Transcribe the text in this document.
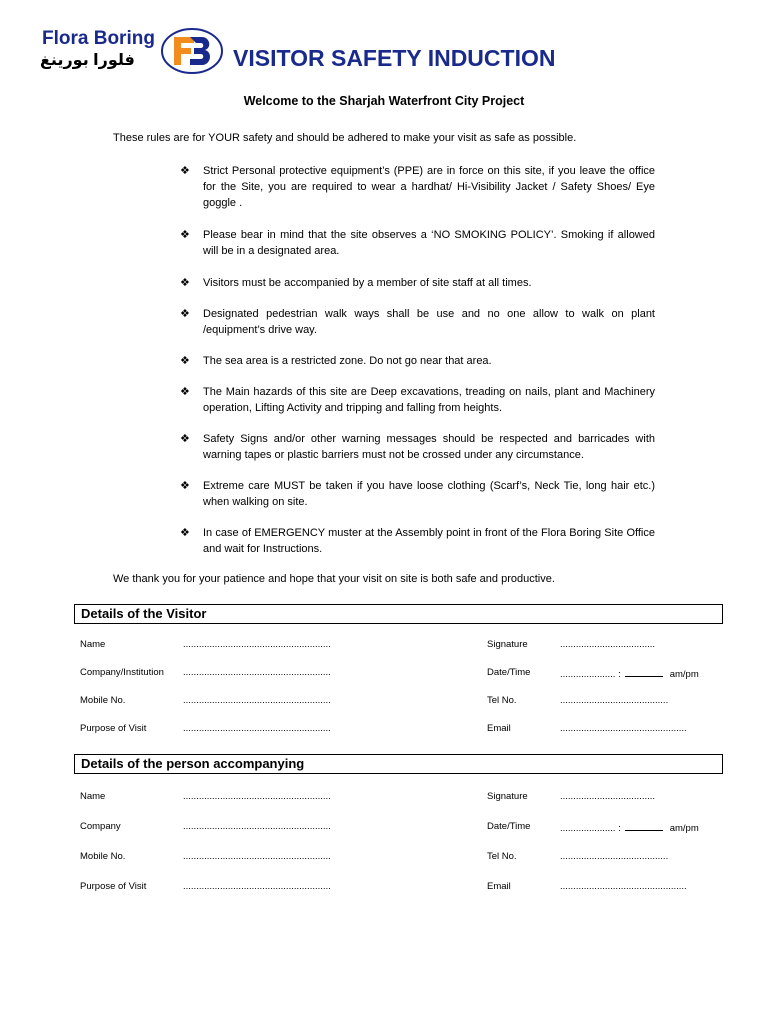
Flora Boring
فلورا بورينغ	VISITOR SAFETY INDUCTION
Welcome to the Sharjah Waterfront City Project
These rules are for YOUR safety and should be adhered to make your visit as safe as possible.
❖	Strict Personal protective equipment’s (PPE) are in force on this site, if you leave the office for the Site, you are required to wear a hardhat/ Hi-Visibility Jacket / Safety Shoes/ Eye goggle .
❖	Please bear in mind that the site observes a ‘NO SMOKING POLICY’. Smoking if allowed will be in a designated area.
❖	Visitors must be accompanied by a member of site staff at all times.
❖	Designated pedestrian walk ways shall be use and no one allow to walk on plant /equipment’s drive way.
❖	The sea area is a restricted zone. Do not go near that area.
❖	The Main hazards of this site are Deep excavations, treading on nails, plant and Machinery operation, Lifting Activity and tripping and falling from heights.
❖	Safety Signs and/or other warning messages should be respected and barricades with warning tapes or plastic barriers must not be crossed under any circumstance.
❖	Extreme care MUST be taken if you have loose clothing (Scarf’s, Neck Tie, long hair etc.) when walking on site.
❖	In case of EMERGENCY muster at the Assembly point in front of the Flora Boring Site Office and wait for Instructions.
We thank you for your patience and hope that your visit on site is both safe and productive.
Details of the Visitor
Name	........................................................
Company/Institution ........................................................
Mobile No.	........................................................
Purpose of Visit	........................................................
Signature	....................................
Date/Time	..................... :	am/pm
Tel No.	.........................................
Email	................................................
Details of the person accompanying
Name	........................................................
Company	........................................................
Mobile No.	........................................................
Purpose of Visit	........................................................
Signature	....................................
Date/Time	..................... :	am/pm
Tel No.	.........................................
Email	................................................
